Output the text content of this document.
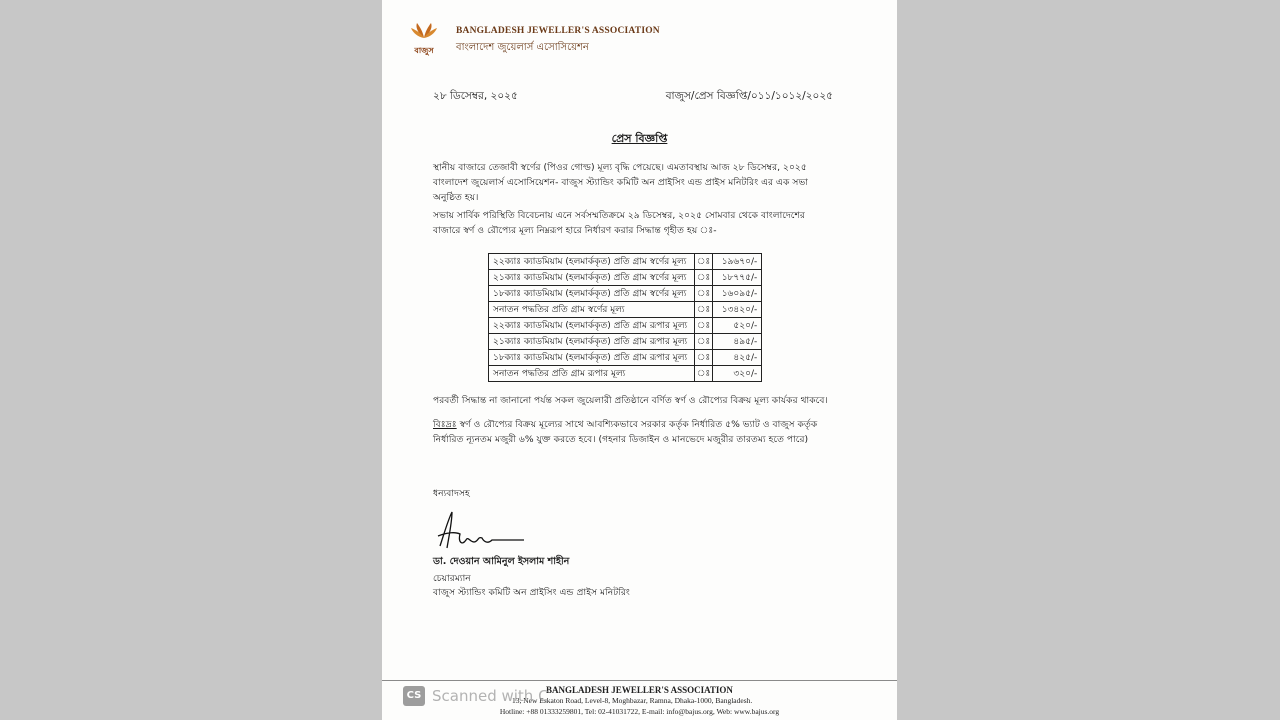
বাজুস
BANGLADESH JEWELLER'S ASSOCIATION
বাংলাদেশ জুয়েলার্স এসোসিয়েশন
২৮ ডিসেম্বর, ২০২৫	বাজুস/প্রেস বিজ্ঞপ্তি/০১১/১০১২/২০২৫
প্রেস বিজ্ঞপ্তি
স্থানীয় বাজারে তেজাবী স্বর্ণের (পিওর গোল্ড) মূল্য বৃদ্ধি পেয়েছে। এমতাবস্থায় আজ ২৮ ডিসেম্বর, ২০২৫ বাংলাদেশ জুয়েলার্স এসোসিয়েশন- বাজুস স্ট্যান্ডিং কমিটি অন প্রাইসিং এন্ড প্রাইস মনিটরিং এর এক সভা অনুষ্ঠিত হয়।
সভায় সার্বিক পরিস্থিতি বিবেচনায় এনে সর্বসম্মতিক্রমে ২৯ ডিসেম্বর, ২০২৫ সোমবার থেকে বাংলাদেশের বাজারে স্বর্ণ ও রৌপ্যের মূল্য নিম্নরূপ হারে নির্ধারণ করার সিদ্ধান্ত গৃহীত হয় ঃ-
২২ক্যাঃ ক্যাডমিয়াম (হলমার্ককৃত) প্রতি গ্রাম স্বর্ণের মূল্য	ঃ	১৯৬৭০/-
২১ক্যাঃ ক্যাডমিয়াম (হলমার্ককৃত) প্রতি গ্রাম স্বর্ণের মূল্য	ঃ	১৮৭৭৫/-
১৮ক্যাঃ ক্যাডমিয়াম (হলমার্ককৃত) প্রতি গ্রাম স্বর্ণের মূল্য	ঃ	১৬০৯৫/-
সনাতন পদ্ধতির প্রতি গ্রাম স্বর্ণের মূল্য	ঃ	১৩৪২০/-
২২ক্যাঃ ক্যাডমিয়াম (হলমার্ককৃত) প্রতি গ্রাম রূপার মূল্য	ঃ	৫২০/-
২১ক্যাঃ ক্যাডমিয়াম (হলমার্ককৃত) প্রতি গ্রাম রূপার মূল্য	ঃ	৪৯৫/-
১৮ক্যাঃ ক্যাডমিয়াম (হলমার্ককৃত) প্রতি গ্রাম রূপার মূল্য	ঃ	৪২৫/-
সনাতন পদ্ধতির প্রতি গ্রাম রূপার মূল্য	ঃ	৩২০/-
পরবর্তী সিদ্ধান্ত না জানানো পর্যন্ত সকল জুয়েলারী প্রতিষ্ঠানে বর্ণিত স্বর্ণ ও রৌপ্যের বিক্রয় মূল্য কার্যকর থাকবে।
বিঃদ্রঃ স্বর্ণ ও রৌপ্যের বিক্রয় মূল্যের সাথে আবশ্যিকভাবে সরকার কর্তৃক নির্ধারিত ৫% ভ্যাট ও বাজুস কর্তৃক নির্ধারিত ন্যূনতম মজুরী ৬% যুক্ত করতে হবে। (গহনার ডিজাইন ও মানভেদে মজুরীর তারতম্য হতে পারে)
ধন্যবাদসহ
ডা. দেওয়ান আমিনুল ইসলাম শাহীন
চেয়ারম্যান
বাজুস স্ট্যান্ডিং কমিটি অন প্রাইসিং এন্ড প্রাইস মনিটরিং
BANGLADESH JEWELLER'S ASSOCIATION
13, New Eskaton Road, Level-8, Moghbazar, Ramna, Dhaka-1000, Bangladesh.
Hotline: +88 01333259801, Tel: 02-41031722, E-mail: info@bajus.org, Web: www.bajus.org
CS Scanned with C
